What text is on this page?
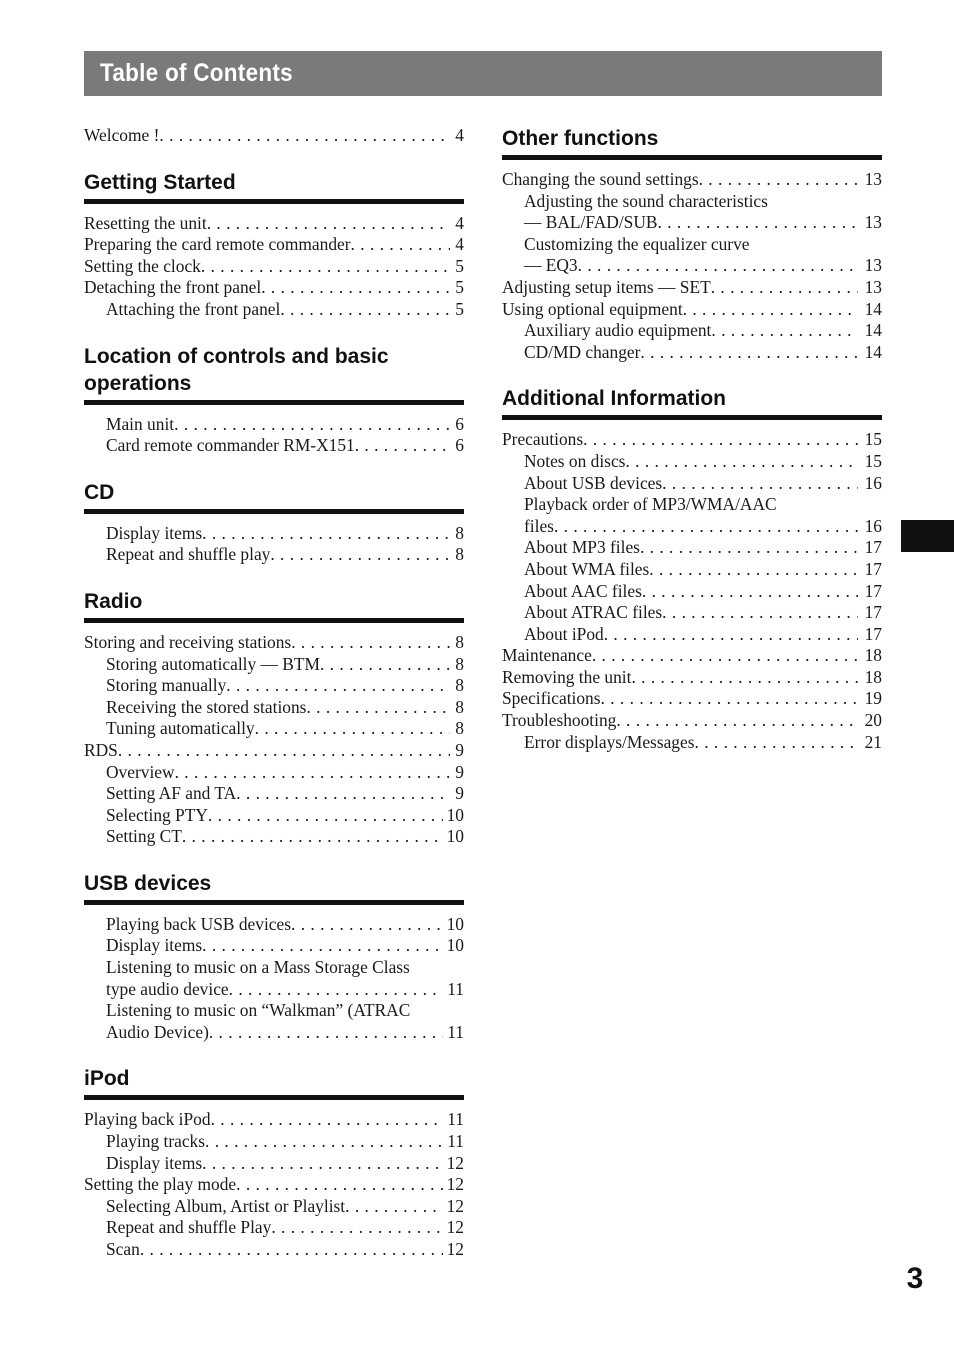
Table of Contents
Welcome ! . . .	4
Getting Started
Resetting the unit . . .	4
Preparing the card remote commander . . .	4
Setting the clock . . .	5
Detaching the front panel . . .	5
Attaching the front panel . . .	5
Location of controls and basic operations
Main unit . . .	6
Card remote commander RM-X151 . . .	6
CD
Display items . . .	8
Repeat and shuffle play . . .	8
Radio
Storing and receiving stations . . .	8
Storing automatically — BTM . . .	8
Storing manually . . .	8
Receiving the stored stations . . .	8
Tuning automatically . . .	8
RDS . . .	9
Overview . . .	9
Setting AF and TA . . .	9
Selecting PTY . . .	10
Setting CT . . .	10
USB devices
Playing back USB devices . . .	10
Display items . . .	10
Listening to music on a Mass Storage Class
type audio device . . .	11
Listening to music on “Walkman” (ATRAC
Audio Device) . . .	11
iPod
Playing back iPod . . .	11
Playing tracks . . .	11
Display items . . .	12
Setting the play mode . . .	12
Selecting Album, Artist or Playlist . . .	12
Repeat and shuffle Play . . .	12
Scan . . .	12
Other functions
Changing the sound settings . . .	13
Adjusting the sound characteristics
— BAL/FAD/SUB . . .	13
Customizing the equalizer curve
— EQ3 . . .	13
Adjusting setup items — SET . . .	13
Using optional equipment . . .	14
Auxiliary audio equipment . . .	14
CD/MD changer . . .	14
Additional Information
Precautions . . .	15
Notes on discs . . .	15
About USB devices . . .	16
Playback order of MP3/WMA/AAC
files . . .	16
About MP3 files . . .	17
About WMA files . . .	17
About AAC files . . .	17
About ATRAC files . . .	17
About iPod . . .	17
Maintenance . . .	18
Removing the unit . . .	18
Specifications . . .	19
Troubleshooting . . .	20
Error displays/Messages . . .	21
3
